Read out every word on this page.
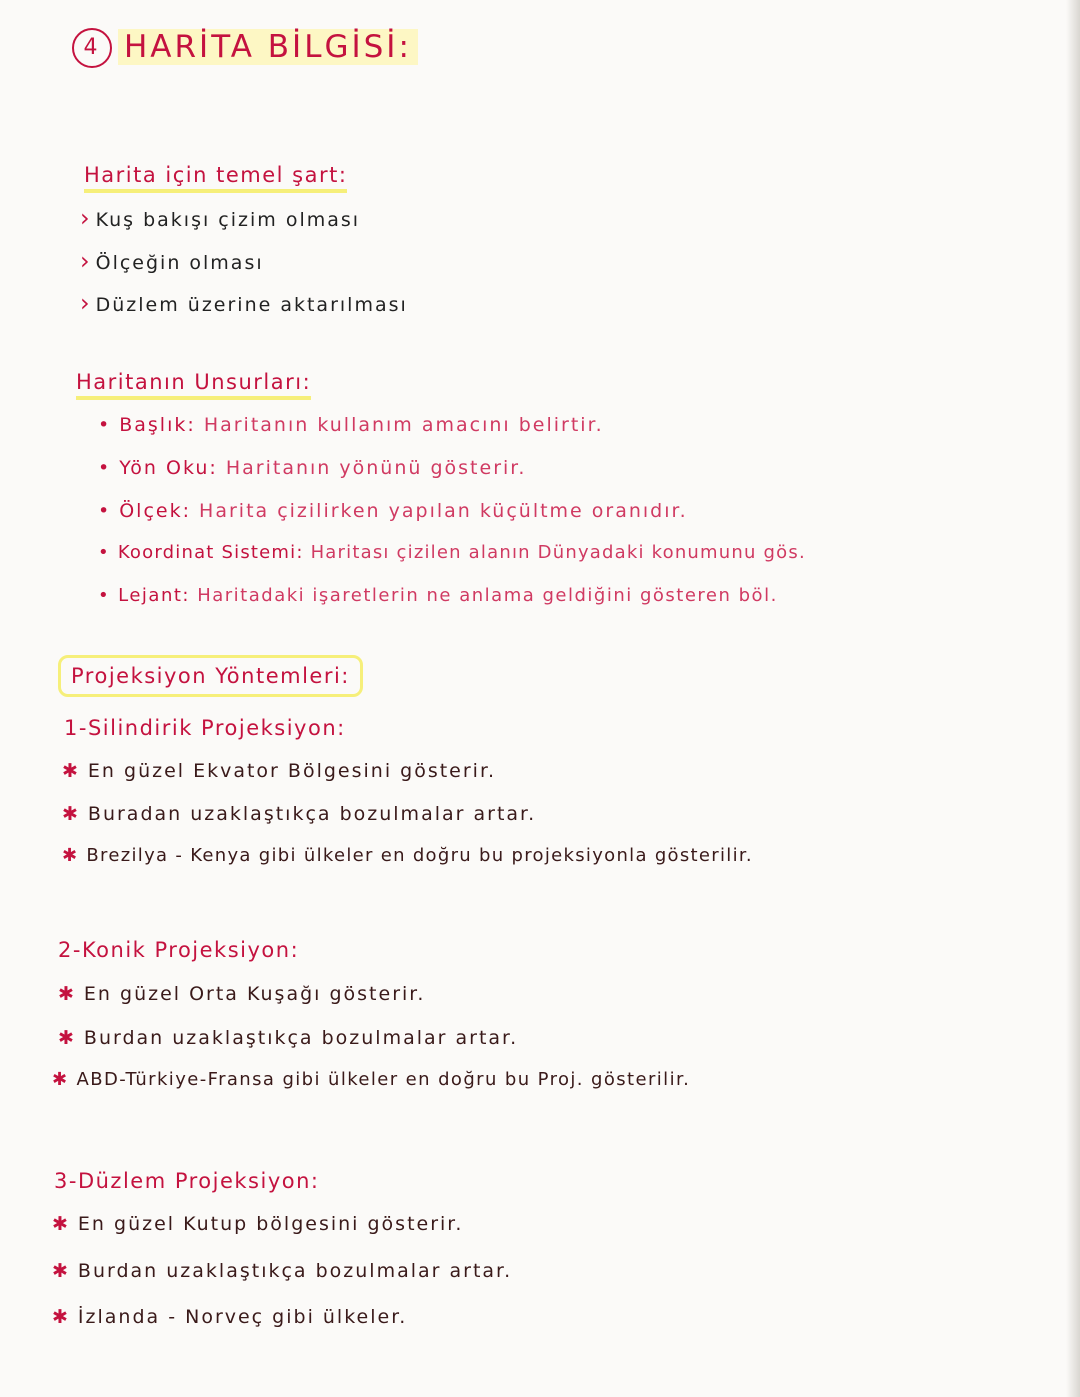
4 HARİTA BİLGİSİ:
Harita için temel şart:
› Kuş bakışı çizim olması
› Ölçeğin olması
› Düzlem üzerine aktarılması
Haritanın Unsurları:
• Başlık: Haritanın kullanım amacını belirtir.
• Yön Oku: Haritanın yönünü gösterir.
• Ölçek: Harita çizilirken yapılan küçültme oranıdır.
• Koordinat Sistemi: Haritası çizilen alanın Dünyadaki konumunu gös.
• Lejant: Haritadaki işaretlerin ne anlama geldiğini gösteren böl.
Projeksiyon Yöntemleri:
1-Silindirik Projeksiyon:
✱ En güzel Ekvator Bölgesini gösterir.
✱ Buradan uzaklaştıkça bozulmalar artar.
✱ Brezilya - Kenya gibi ülkeler en doğru bu projeksiyonla gösterilir.
2-Konik Projeksiyon:
✱ En güzel Orta Kuşağı gösterir.
✱ Burdan uzaklaştıkça bozulmalar artar.
✱ ABD-Türkiye-Fransa gibi ülkeler en doğru bu Proj. gösterilir.
3-Düzlem Projeksiyon:
✱ En güzel Kutup bölgesini gösterir.
✱ Burdan uzaklaştıkça bozulmalar artar.
✱ İzlanda - Norveç gibi ülkeler.
